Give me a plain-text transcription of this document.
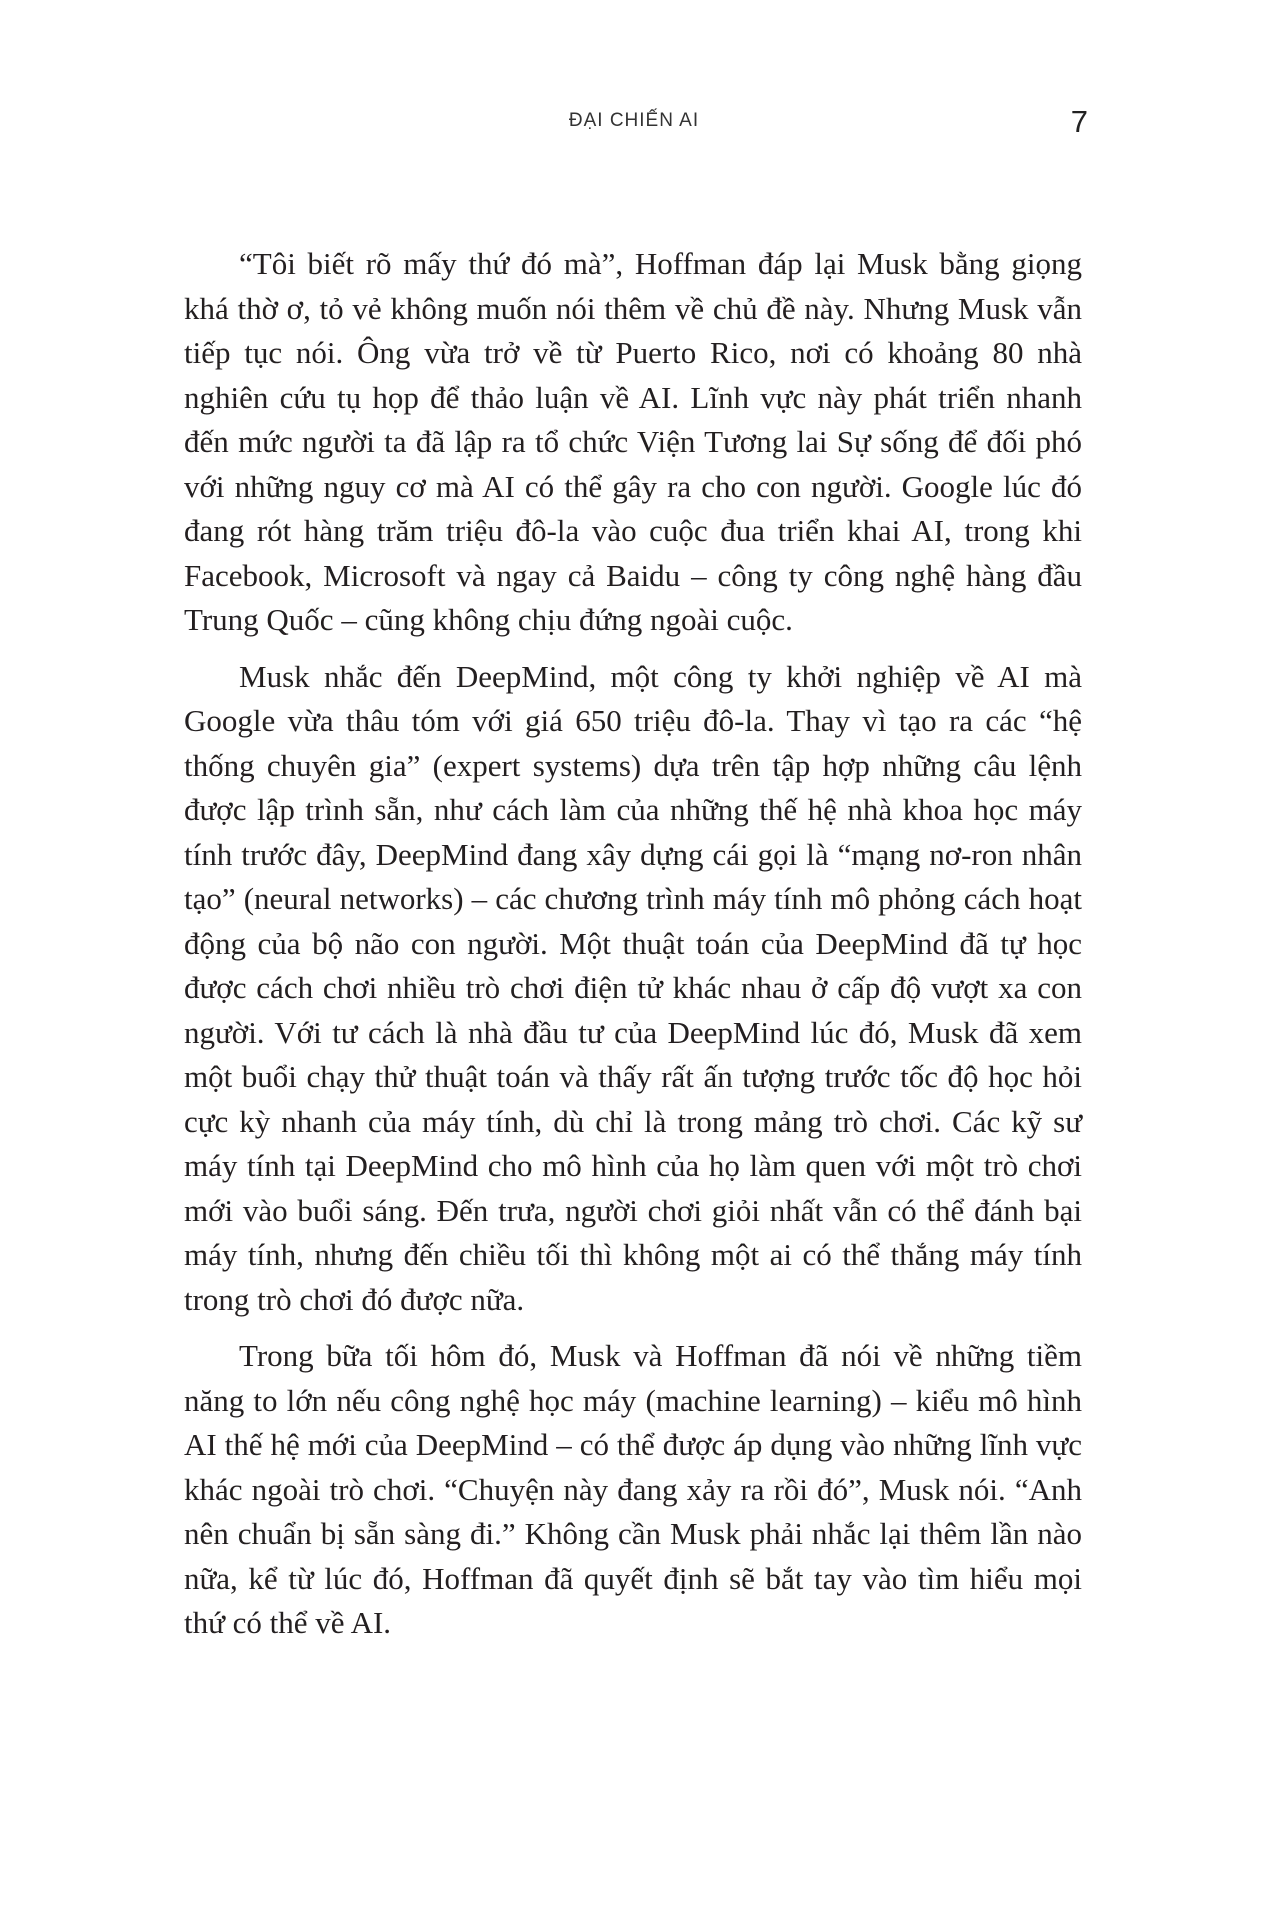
ĐẠI CHIẾN AI	7

“Tôi biết rõ mấy thứ đó mà”, Hoffman đáp lại Musk bằng giọng khá thờ ơ, tỏ vẻ không muốn nói thêm về chủ đề này. Nhưng Musk vẫn tiếp tục nói. Ông vừa trở về từ Puerto Rico, nơi có khoảng 80 nhà nghiên cứu tụ họp để thảo luận về AI. Lĩnh vực này phát triển nhanh đến mức người ta đã lập ra tổ chức Viện Tương lai Sự sống để đối phó với những nguy cơ mà AI có thể gây ra cho con người. Google lúc đó đang rót hàng trăm triệu đô-la vào cuộc đua triển khai AI, trong khi Facebook, Microsoft và ngay cả Baidu – công ty công nghệ hàng đầu Trung Quốc – cũng không chịu đứng ngoài cuộc.

Musk nhắc đến DeepMind, một công ty khởi nghiệp về AI mà Google vừa thâu tóm với giá 650 triệu đô-la. Thay vì tạo ra các “hệ thống chuyên gia” (expert systems) dựa trên tập hợp những câu lệnh được lập trình sẵn, như cách làm của những thế hệ nhà khoa học máy tính trước đây, DeepMind đang xây dựng cái gọi là “mạng nơ-ron nhân tạo” (neural networks) – các chương trình máy tính mô phỏng cách hoạt động của bộ não con người. Một thuật toán của DeepMind đã tự học được cách chơi nhiều trò chơi điện tử khác nhau ở cấp độ vượt xa con người. Với tư cách là nhà đầu tư của DeepMind lúc đó, Musk đã xem một buổi chạy thử thuật toán và thấy rất ấn tượng trước tốc độ học hỏi cực kỳ nhanh của máy tính, dù chỉ là trong mảng trò chơi. Các kỹ sư máy tính tại DeepMind cho mô hình của họ làm quen với một trò chơi mới vào buổi sáng. Đến trưa, người chơi giỏi nhất vẫn có thể đánh bại máy tính, nhưng đến chiều tối thì không một ai có thể thắng máy tính trong trò chơi đó được nữa.

Trong bữa tối hôm đó, Musk và Hoffman đã nói về những tiềm năng to lớn nếu công nghệ học máy (machine learning) – kiểu mô hình AI thế hệ mới của DeepMind – có thể được áp dụng vào những lĩnh vực khác ngoài trò chơi. “Chuyện này đang xảy ra rồi đó”, Musk nói. “Anh nên chuẩn bị sẵn sàng đi.” Không cần Musk phải nhắc lại thêm lần nào nữa, kể từ lúc đó, Hoffman đã quyết định sẽ bắt tay vào tìm hiểu mọi thứ có thể về AI.
